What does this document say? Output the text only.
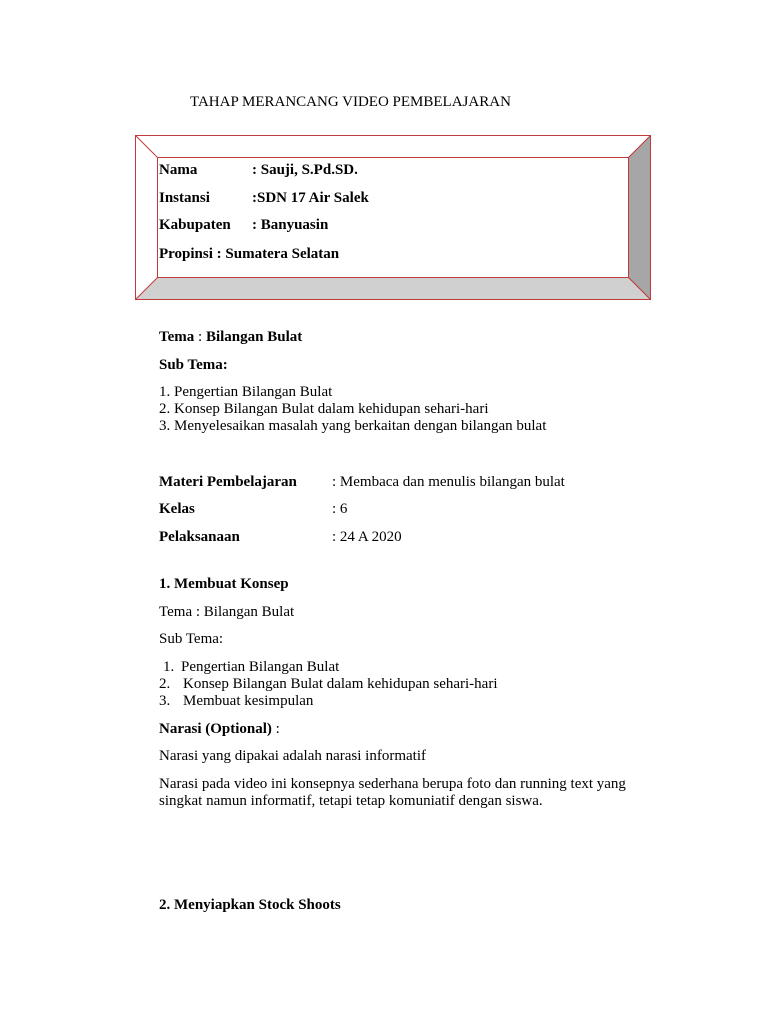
TAHAP MERANCANG VIDEO PEMBELAJARAN
Nama	: Sauji, S.Pd.SD.
Instansi	:SDN 17 Air Salek
Kabupaten : Banyuasin
Propinsi : Sumatera Selatan
Tema : Bilangan Bulat
Sub Tema:
1. Pengertian Bilangan Bulat
2. Konsep Bilangan Bulat dalam kehidupan sehari-hari
3. Menyelesaikan masalah yang berkaitan dengan bilangan bulat
Materi Pembelajaran : Membaca dan menulis bilangan bulat
Kelas	: 6
Pelaksanaan	: 24 A 2020
1. Membuat Konsep
Tema : Bilangan Bulat
Sub Tema:
1. Pengertian Bilangan Bulat
2. Konsep Bilangan Bulat dalam kehidupan sehari-hari
3. Membuat kesimpulan
Narasi (Optional) :
Narasi yang dipakai adalah narasi informatif
Narasi pada video ini konsepnya sederhana berupa foto dan running text yang
singkat namun informatif, tetapi tetap komuniatif dengan siswa.
2. Menyiapkan Stock Shoots
